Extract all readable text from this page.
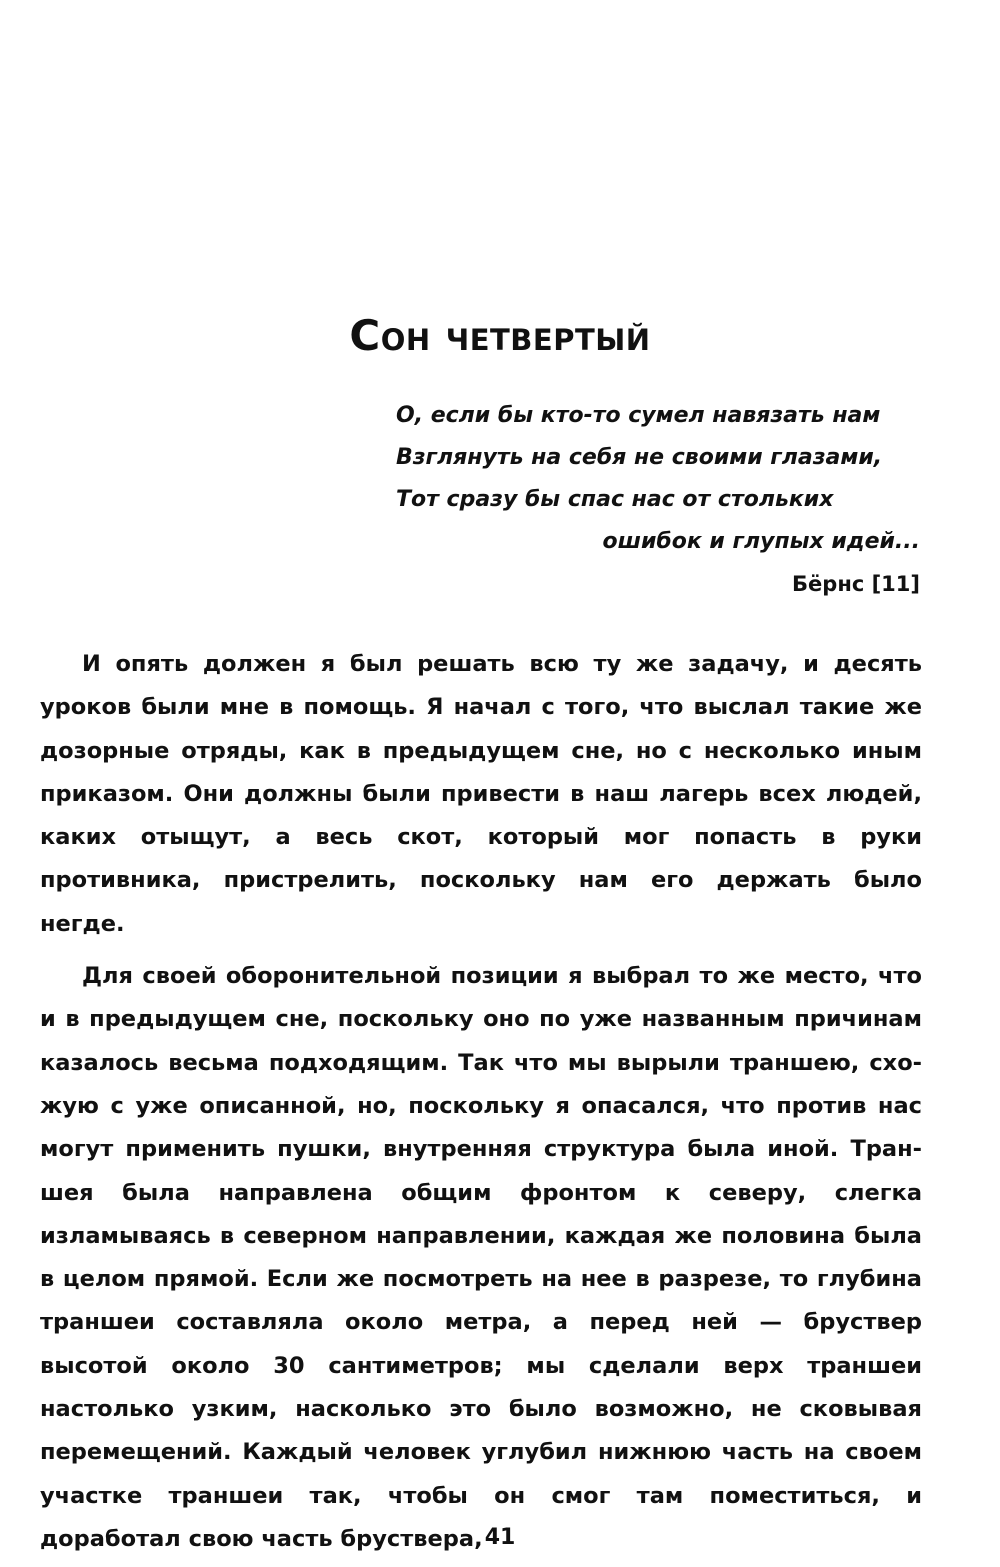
Сон четвертый
О, если бы кто-то сумел навязать нам
Взглянуть на себя не своими глазами,
Тот сразу бы спас нас от стольких
ошибок и глупых идей...
Бёрнс [11]

И опять должен я был решать всю ту же задачу, и десять уроков были мне в помощь. Я начал с того, что выслал такие же дозорные отряды, как в предыдущем сне, но с несколько иным приказом. Они должны были привести в наш лагерь всех людей, каких отыщут, а весь скот, который мог попасть в руки противника, пристрелить, поскольку нам его держать было негде.

Для своей оборонительной позиции я выбрал то же место, что и в предыдущем сне, поскольку оно по уже названным причинам казалось весьма подходящим. Так что мы вырыли траншею, схожую с уже описанной, но, поскольку я опасался, что против нас могут применить пушки, внутренняя структура была иной. Траншея была направлена общим фронтом к северу, слегка изламываясь в северном направлении, каждая же половина была в целом прямой. Если же посмотреть на нее в разрезе, то глубина траншеи составляла около метра, а перед ней — бруствер высотой около 30 сантиметров; мы сделали верх траншеи настолько узким, насколько это было возможно, не сковывая перемещений. Каждый человек углубил нижнюю часть на своем участке траншеи так, чтобы он смог там поместиться, и доработал свою часть бруствера, 41
